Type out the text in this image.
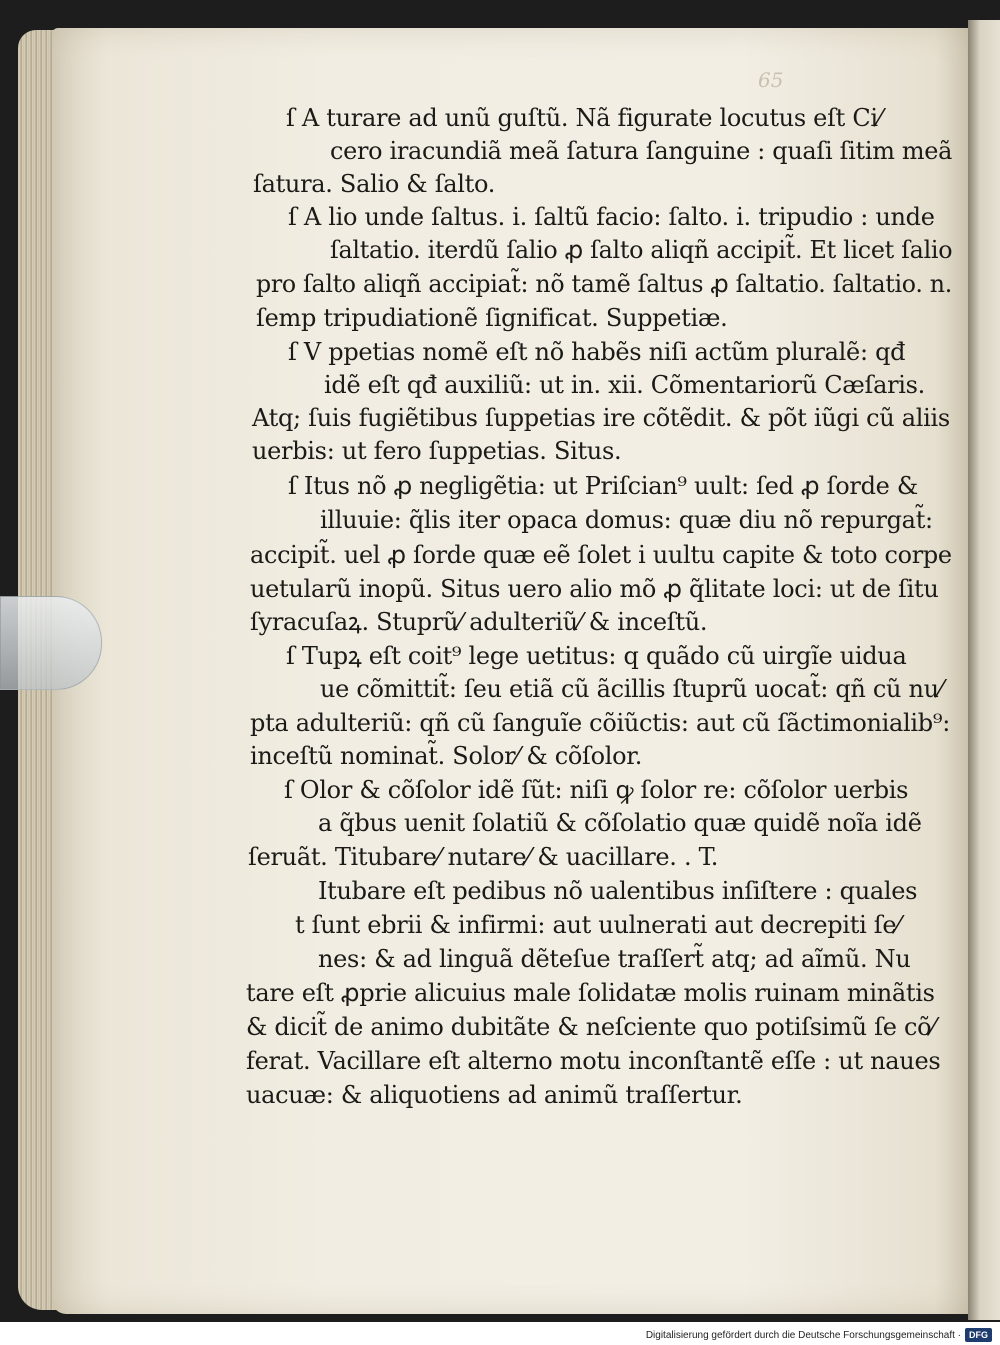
65
ſ A turare ad unũ guſtũ. Nã figurate locutus eſt Ci⁄
cero iracundiã meã ſatura ſanguine : quaſi ſitim meã
ſatura. Salio & ſalto.
ſ A lio unde ſaltus. i. ſaltũ facio: ſalto. i. tripudio : unde
ſaltatio. iterdũ ſalio ꝓ ſalto aliqñ accipit̃. Et licet ſalio
pro ſalto aliqñ accipiat̃: nõ tamẽ ſaltus ꝓ ſaltatio. ſaltatio. n.
ſemp tripudiationẽ ſignificat. Suppetiæ.
ſ V ppetias nomẽ eſt nõ habẽs niſi actũm pluralẽ: qđ
idẽ eſt qđ auxiliũ: ut in. xii. Cõmentariorũ Cæſaris.
Atq; ſuis fugiẽtibus ſuppetias ire cõtẽdit. & põt iũgi cũ aliis
uerbis: ut fero ſuppetias. Situs.
ſ Itus nõ ꝓ negligẽtia: ut Priſcian⁹ uult: ſed ꝓ ſorde &
illuuie: q̃lis iter opaca domus: quæ diu nõ repurgat̃:
accipit̃. uel ꝓ ſorde quæ eẽ ſolet i uultu capite & toto corpe
uetularũ inopũ. Situs uero alio mõ ꝓ q̃litate loci: ut de ſitu
ſyracuſaꝝ. Stuprũ⁄ adulteriũ⁄ & inceſtũ.
ſ Tupꝝ eſt coit⁹ lege uetitus: q quãdo cũ uirgĩe uidua
ue cõmittit̃: ſeu etiã cũ ãcillis ſtuprũ uocat̃: qñ cũ nu⁄
pta adulteriũ: qñ cũ ſanguĩe cõiũctis: aut cũ ſãctimonialib⁹:
inceſtũ nominat̃. Solor⁄ & cõſolor.
ſ Olor & cõſolor idẽ ſũt: niſi ꝙ ſolor re: cõſolor uerbis
a q̃bus uenit ſolatiũ & cõſolatio quæ quidẽ noĩa idẽ
ſeruãt. Titubare⁄ nutare⁄ & uacillare. . T.
Itubare eſt pedibus nõ ualentibus inſiſtere : quales
t ſunt ebrii & infirmi: aut uulnerati aut decrepiti ſe⁄
nes: & ad linguã dẽteſue traſſert̃ atq; ad aĩmũ. Nu
tare eſt ꝓprie alicuius male ſolidatæ molis ruinam minãtis
& dicit̃ de animo dubitãte & neſciente quo potiſsimũ ſe cõ⁄
ferat. Vacillare eſt alterno motu inconſtantẽ eſſe : ut naues
uacuæ: & aliquotiens ad animũ traſſertur.
Digitalisierung gefördert durch die Deutsche Forschungsgemeinschaft · DFG
